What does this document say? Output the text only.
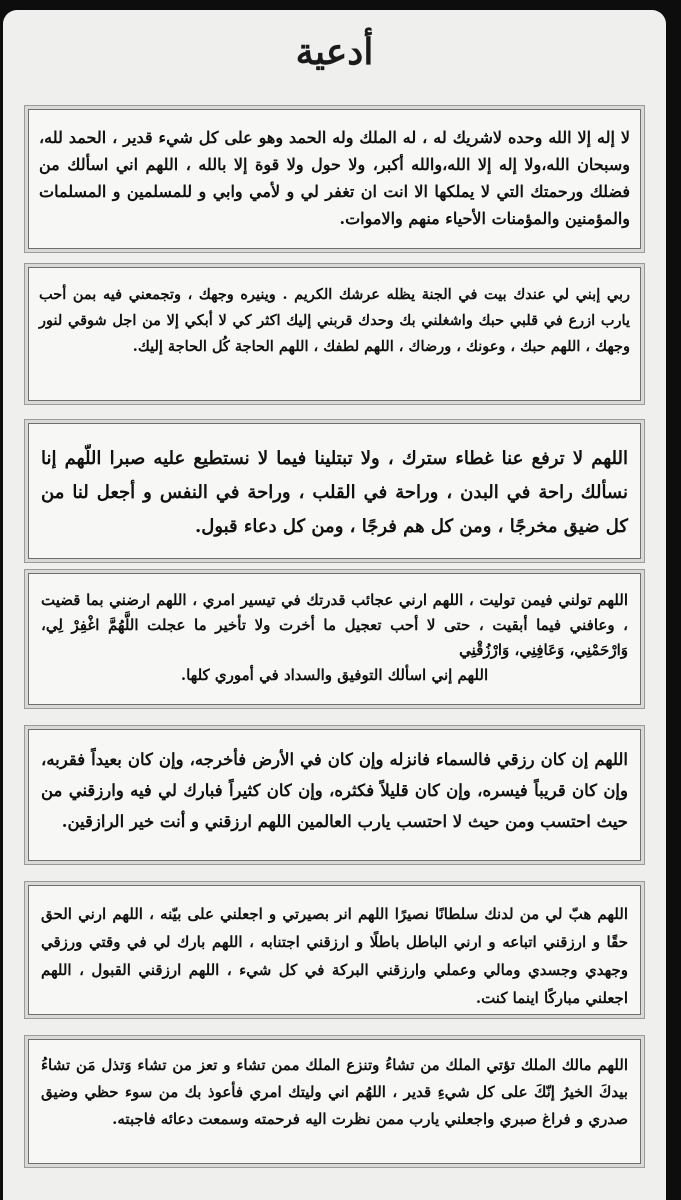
أدعية

لا إله إلا الله وحده لاشريك له ، له الملك وله الحمد وهو على كل شيء قدير ، الحمد لله، وسبحان الله،ولا إله إلا الله،والله أكبر، ولا حول ولا قوة إلا بالله ، اللهم اني اسألك من فضلك ورحمتك التي لا يملكها الا انت ان تغفر لي و لأمي وابي و للمسلمين و المسلمات والمؤمنين والمؤمنات الأحياء منهم والاموات.

ربي إبني لي عندك بيت في الجنة يظله عرشك الكريم . وينيره وجهك ، وتجمعني فيه بمن أحب يارب ازرع في قلبي حبك واشغلني بك وحدك قربني إليك اكثر كي لا أبكي إلا من اجل شوقي لنور وجهك ، اللهم حبك ، وعونك ، ورضاك ، اللهم لطفك ، اللهم الحاجة كُل الحاجة إليك.

اللهم لا ترفع عنا غطاء سترك ، ولا تبتلينا فيما لا نستطيع عليه صبرا اللّهم إنا نسألك راحة في البدن ، وراحة في القلب ، وراحة في النفس و أجعل لنا من كل ضيق مخرجًا ، ومن كل هم فرجًا ، ومن كل دعاء قبول.

اللهم تولني فيمن توليت ، اللهم ارني عجائب قدرتك في تيسير امري ، اللهم ارضني بما قضيت ، وعافني فيما أبقيت ، حتى لا أحب تعجيل ما أخرت ولا تأخير ما عجلت اللَّهُمَّ اغْفِرْ لِي، وَارْحَمْنِي، وَعَافِنِي، وَارْزُقْنِي

اللهم إني اسألك التوفيق والسداد في أموري كلها.

اللهم إن كان رزقي فالسماء فانزله وإن كان في الأرض فأخرجه، وإن كان بعيداً فقربه، وإن كان قريباً فيسره، وإن كان قليلاً فكثره، وإن كان كثيراً فبارك لي فيه وارزقني من حيث احتسب ومن حيث لا احتسب يارب العالمين اللهم ارزقني و أنت خير الرازقين.

اللهم هبّ لي من لدنك سلطانًا نصيرًا اللهم انر بصيرتي و اجعلني على بيّنه ، اللهم ارني الحق حقًا و ارزقني اتباعه و ارني الباطل باطلًا و ارزقني اجتنابه ، اللهم بارك لي في وقتي ورزقي وجهدي وجسدي ومالي وعملي وارزقني البركة في كل شيء ، اللهم ارزقني القبول ، اللهم اجعلني مباركًا اينما كنت.

اللهم مالك الملك تؤتي الملك من تشاءُ وتنزع الملك ممن تشاء و تعز من تشاء وَتذل مَن تشاءُ بيدكَ الخيرُ إنّكَ على كل شيءِ قدير ، اللهُم اني وليتك امري فأعوذ بك من سوء حظي وضيق صدري و فراغ صبري واجعلني يارب ممن نظرت اليه فرحمته وسمعت دعائه فاجبته.
